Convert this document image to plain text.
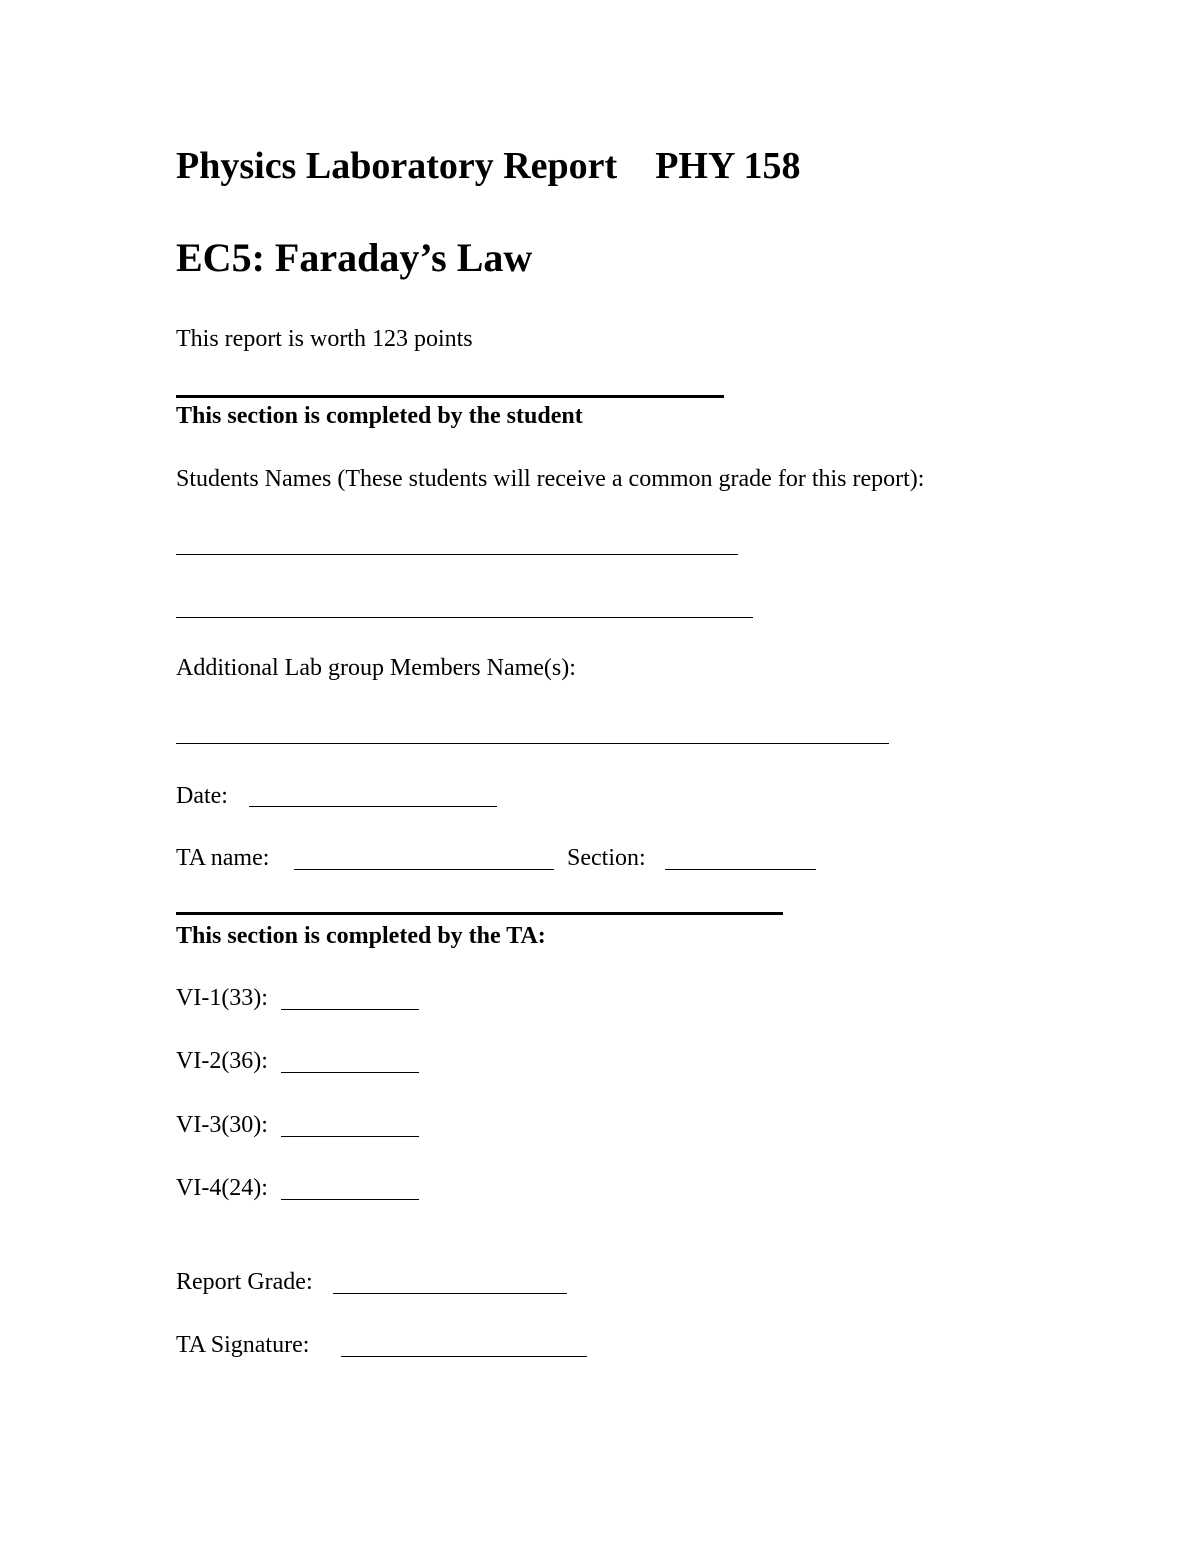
Physics Laboratory Report PHY 158
EC5: Faraday’s Law
This report is worth 123 points
This section is completed by the student
Students Names (These students will receive a common grade for this report):
Additional Lab group Members Name(s):
Date:
TA name:	Section:
This section is completed by the TA:
VI-1(33):
VI-2(36):
VI-3(30):
VI-4(24):
Report Grade:
TA Signature:
